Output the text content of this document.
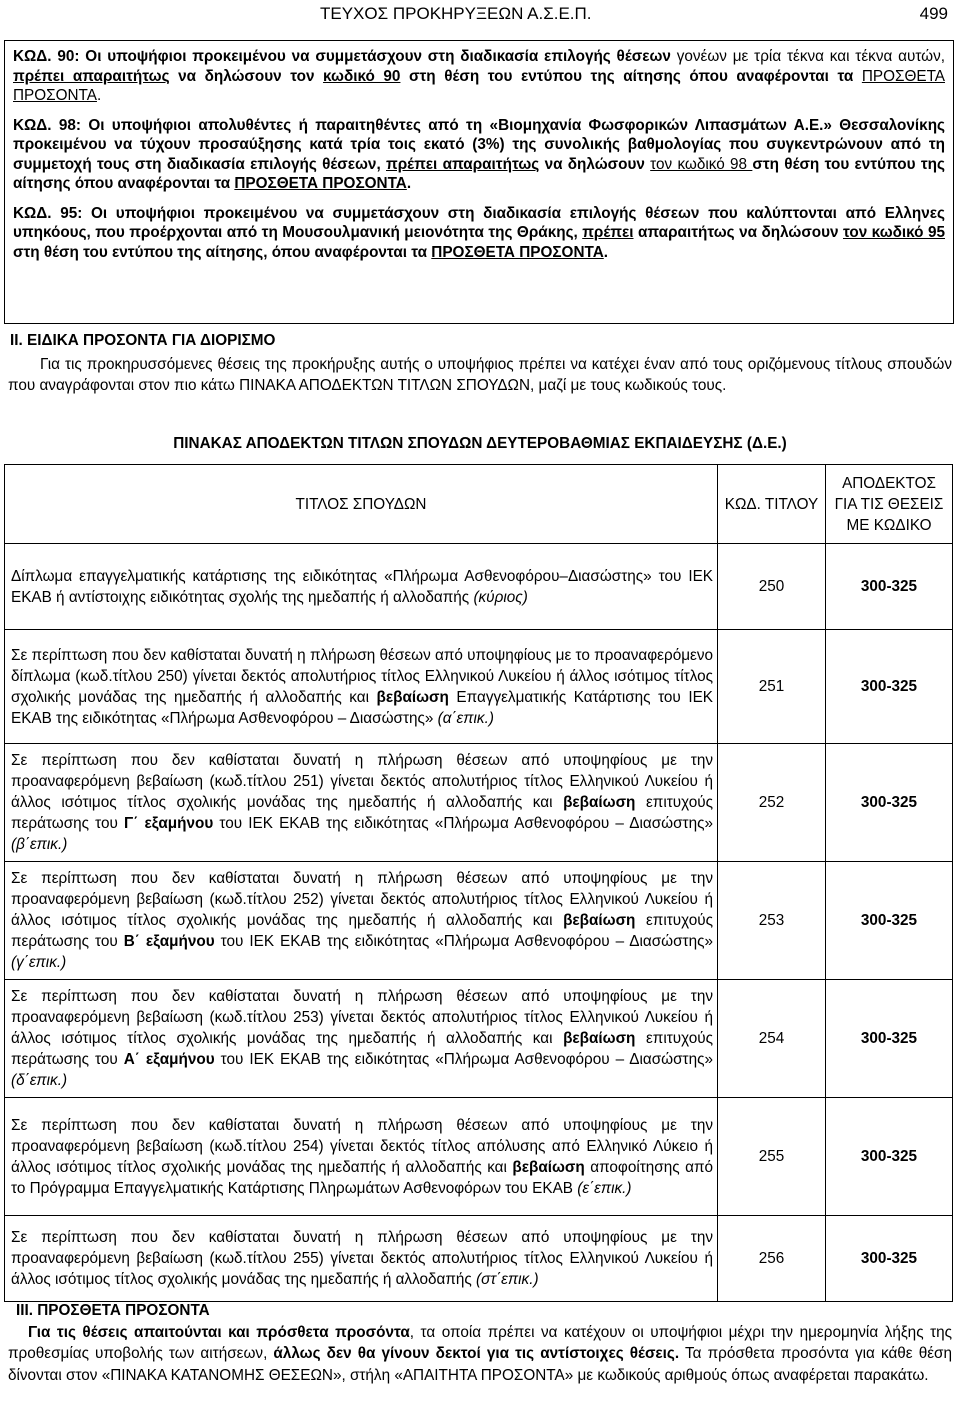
ΤΕΥΧΟΣ ΠΡΟΚΗΡΥΞΕΩΝ Α.Σ.Ε.Π.	499

ΚΩΔ. 90: Οι υποψήφιοι προκειμένου να συμμετάσχουν στη διαδικασία επιλογής θέσεων γονέων με τρία τέκνα και τέκνα αυτών, πρέπει απαραιτήτως να δηλώσουν τον κωδικό 90 στη θέση του εντύπου της αίτησης όπου αναφέρονται τα ΠΡΟΣΘΕΤΑ ΠΡΟΣΟΝΤΑ.

ΚΩΔ. 98: Οι υποψήφιοι απολυθέντες ή παραιτηθέντες από τη «Βιομηχανία Φωσφορικών Λιπασμάτων Α.Ε.» Θεσσαλονίκης προκειμένου να τύχουν προσαύξησης κατά τρία τοις εκατό (3%) της συνολικής βαθμολογίας που συγκεντρώνουν από τη συμμετοχή τους στη διαδικασία επιλογής θέσεων, πρέπει απαραιτήτως να δηλώσουν τον κωδικό 98 στη θέση του εντύπου της αίτησης όπου αναφέρονται τα ΠΡΟΣΘΕΤΑ ΠΡΟΣΟΝΤΑ.

ΚΩΔ. 95: Οι υποψήφιοι προκειμένου να συμμετάσχουν στη διαδικασία επιλογής θέσεων που καλύπτονται από Ελληνες υπηκόους, που προέρχονται από τη Μουσουλμανική μειονότητα της Θράκης, πρέπει απαραιτήτως να δηλώσουν τον κωδικό 95 στη θέση του εντύπου της αίτησης, όπου αναφέρονται τα ΠΡΟΣΘΕΤΑ ΠΡΟΣΟΝΤΑ.

ΙΙ. ΕΙΔΙΚΑ ΠΡΟΣΟΝΤΑ ΓΙΑ ΔΙΟΡΙΣΜΟ
Για τις προκηρυσσόμενες θέσεις της προκήρυξης αυτής ο υποψήφιος πρέπει να κατέχει έναν από τους οριζόμενους τίτλους σπουδών που αναγράφονται στον πιο κάτω ΠΙΝΑΚΑ ΑΠΟΔΕΚΤΩΝ ΤΙΤΛΩΝ ΣΠΟΥΔΩΝ, μαζί με τους κωδικούς τους.
ΠΙΝΑΚΑΣ ΑΠΟΔΕΚΤΩΝ ΤΙΤΛΩΝ ΣΠΟΥΔΩΝ ΔΕΥΤΕΡΟΒΑΘΜΙΑΣ ΕΚΠΑΙΔΕΥΣΗΣ (Δ.Ε.)
ΤΙΤΛΟΣ ΣΠΟΥΔΩΝ	ΚΩΔ. ΤΙΤΛΟΥ	ΑΠΟΔΕΚΤΟΣ ΓΙΑ ΤΙΣ ΘΕΣΕΙΣ ΜΕ ΚΩΔΙΚΟ
Δίπλωμα επαγγελματικής κατάρτισης της ειδικότητας «Πλήρωμα Ασθενοφόρου–Διασώστης» του ΙΕΚ ΕΚΑΒ ή αντίστοιχης ειδικότητας σχολής της ημεδαπής ή αλλοδαπής (κύριος)	250	300-325
Σε περίπτωση που δεν καθίσταται δυνατή η πλήρωση θέσεων από υποψηφίους με το προαναφερόμενο δίπλωμα (κωδ.τίτλου 250) γίνεται δεκτός απολυτήριος τίτλος Ελληνικού Λυκείου ή άλλος ισότιμος τίτλος σχολικής μονάδας της ημεδαπής ή αλλοδαπής και βεβαίωση Επαγγελματικής Κατάρτισης του ΙΕΚ ΕΚΑΒ της ειδικότητας «Πλήρωμα Ασθενοφόρου – Διασώστης» (α΄επικ.)	251	300-325
Σε περίπτωση που δεν καθίσταται δυνατή η πλήρωση θέσεων από υποψηφίους με την προαναφερόμενη βεβαίωση (κωδ.τίτλου 251) γίνεται δεκτός απολυτήριος τίτλος Ελληνικού Λυκείου ή άλλος ισότιμος τίτλος σχολικής μονάδας της ημεδαπής ή αλλοδαπής και βεβαίωση επιτυχούς περάτωσης του Γ΄ εξαμήνου του ΙΕΚ ΕΚΑΒ της ειδικότητας «Πλήρωμα Ασθενοφόρου – Διασώστης» (β΄επικ.)	252	300-325
Σε περίπτωση που δεν καθίσταται δυνατή η πλήρωση θέσεων από υποψηφίους με την προαναφερόμενη βεβαίωση (κωδ.τίτλου 252) γίνεται δεκτός απολυτήριος τίτλος Ελληνικού Λυκείου ή άλλος ισότιμος τίτλος σχολικής μονάδας της ημεδαπής ή αλλοδαπής και βεβαίωση επιτυχούς περάτωσης του Β΄ εξαμήνου του ΙΕΚ ΕΚΑΒ της ειδικότητας «Πλήρωμα Ασθενοφόρου – Διασώστης» (γ΄επικ.)	253	300-325
Σε περίπτωση που δεν καθίσταται δυνατή η πλήρωση θέσεων από υποψηφίους με την προαναφερόμενη βεβαίωση (κωδ.τίτλου 253) γίνεται δεκτός απολυτήριος τίτλος Ελληνικού Λυκείου ή άλλος ισότιμος τίτλος σχολικής μονάδας της ημεδαπής ή αλλοδαπής και βεβαίωση επιτυχούς περάτωσης του Α΄ εξαμήνου του ΙΕΚ ΕΚΑΒ της ειδικότητας «Πλήρωμα Ασθενοφόρου – Διασώστης» (δ΄επικ.)	254	300-325
Σε περίπτωση που δεν καθίσταται δυνατή η πλήρωση θέσεων από υποψηφίους με την προαναφερόμενη βεβαίωση (κωδ.τίτλου 254) γίνεται δεκτός τίτλος απόλυσης από Ελληνικό Λύκειο ή άλλος ισότιμος τίτλος σχολικής μονάδας της ημεδαπής ή αλλοδαπής και βεβαίωση αποφοίτησης από το Πρόγραμμα Επαγγελματικής Κατάρτισης Πληρωμάτων Ασθενοφόρων του ΕΚΑΒ (ε΄επικ.)	255	300-325
Σε περίπτωση που δεν καθίσταται δυνατή η πλήρωση θέσεων από υποψηφίους με την προαναφερόμενη βεβαίωση (κωδ.τίτλου 255) γίνεται δεκτός απολυτήριος τίτλος Ελληνικού Λυκείου ή άλλος ισότιμος τίτλος σχολικής μονάδας της ημεδαπής ή αλλοδαπής (στ΄επικ.)	256	300-325
ΙΙΙ. ΠΡΟΣΘΕΤΑ ΠΡΟΣΟΝΤΑ
Για τις θέσεις απαιτούνται και πρόσθετα προσόντα, τα οποία πρέπει να κατέχουν οι υποψήφιοι μέχρι την ημερομηνία λήξης της προθεσμίας υποβολής των αιτήσεων, άλλως δεν θα γίνουν δεκτοί για τις αντίστοιχες θέσεις. Τα πρόσθετα προσόντα για κάθε θέση δίνονται στον «ΠΙΝΑΚΑ ΚΑΤΑΝΟΜΗΣ ΘΕΣΕΩΝ», στήλη «ΑΠΑΙΤΗΤΑ ΠΡΟΣΟΝΤΑ» με κωδικούς αριθμούς όπως αναφέρεται παρακάτω.
